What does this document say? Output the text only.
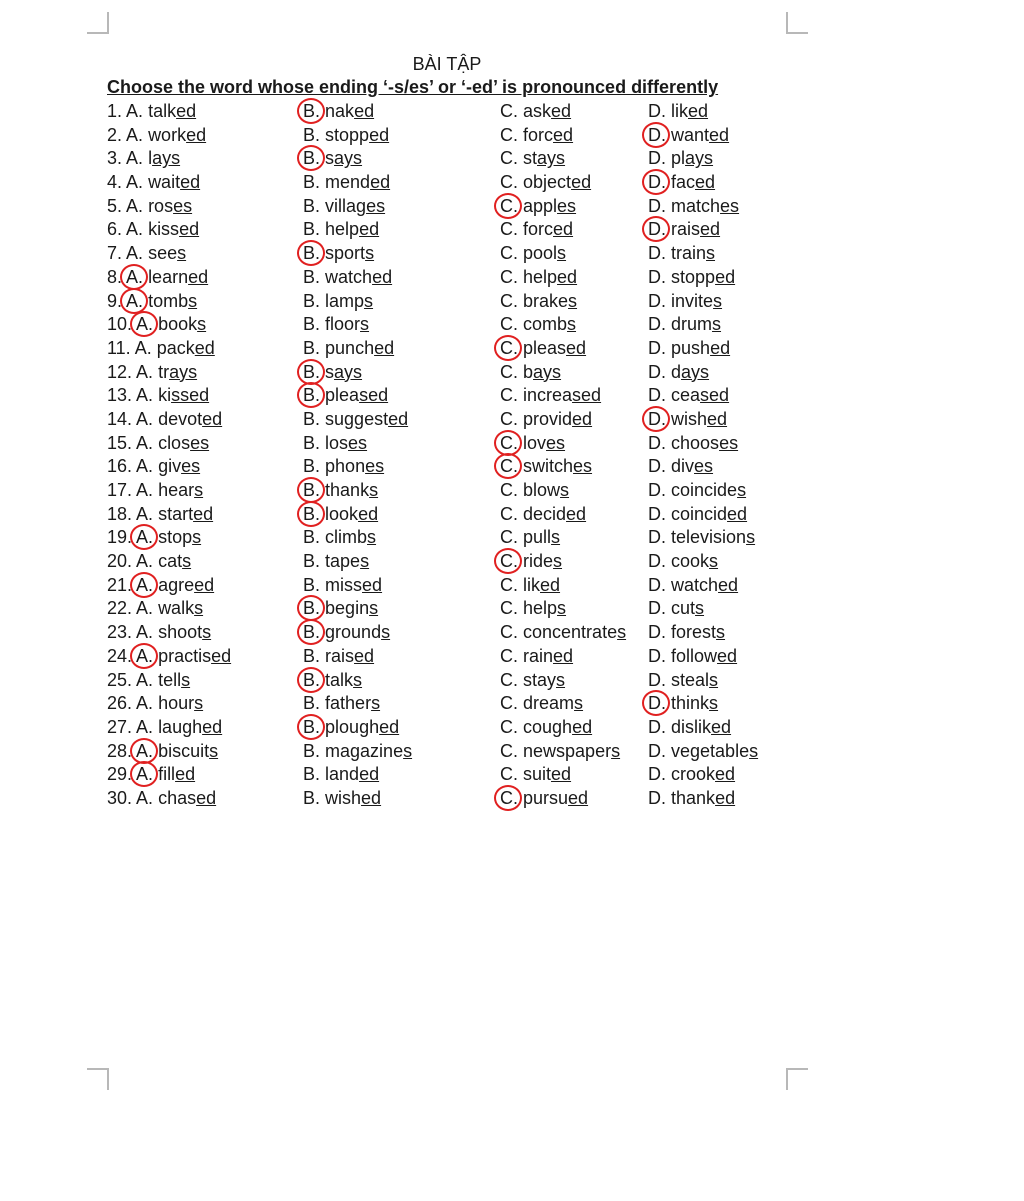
BÀI TẬP
Choose the word whose ending ‘-s/es’ or ‘-ed’ is pronounced differently
1. A. talked	B. naked	C. asked	D. liked
2. A. worked	B. stopped	C. forced	D. wanted
3. A. lays	B. says	C. stays	D. plays
4. A. waited	B. mended	C. objected	D. faced
5. A. roses	B. villages	C. apples	D. matches
6. A. kissed	B. helped	C. forced	D. raised
7. A. sees	B. sports	C. pools	D. trains
8. A. learned	B. watched	C. helped	D. stopped
9. A. tombs	B. lamps	C. brakes	D. invites
10. A. books	B. floors	C. combs	D. drums
11. A. packed	B. punched	C. pleased	D. pushed
12. A. trays	B. says	C. bays	D. days
13. A. kissed	B. pleased	C. increased	D. ceased
14. A. devoted	B. suggested	C. provided	D. wished
15. A. closes	B. loses	C. loves	D. chooses
16. A. gives	B. phones	C. switches	D. dives
17. A. hears	B. thanks	C. blows	D. coincides
18. A. started	B. looked	C. decided	D. coincided
19. A. stops	B. climbs	C. pulls	D. televisions
20. A. cats	B. tapes	C. rides	D. cooks
21. A. agreed	B. missed	C. liked	D. watched
22. A. walks	B. begins	C. helps	D. cuts
23. A. shoots	B. grounds	C. concentrates D. forests
24. A. practised	B. raised	C. rained	D. followed
25. A. tells	B. talks	C. stays	D. steals
26. A. hours	B. fathers	C. dreams	D. thinks
27. A. laughed	B. ploughed	C. coughed	D. disliked
28. A. biscuits	B. magazines	C. newspapers D. vegetables
29. A. filled	B. landed	C. suited	D. crooked
30. A. chased	B. wished	C. pursued	D. thanked
